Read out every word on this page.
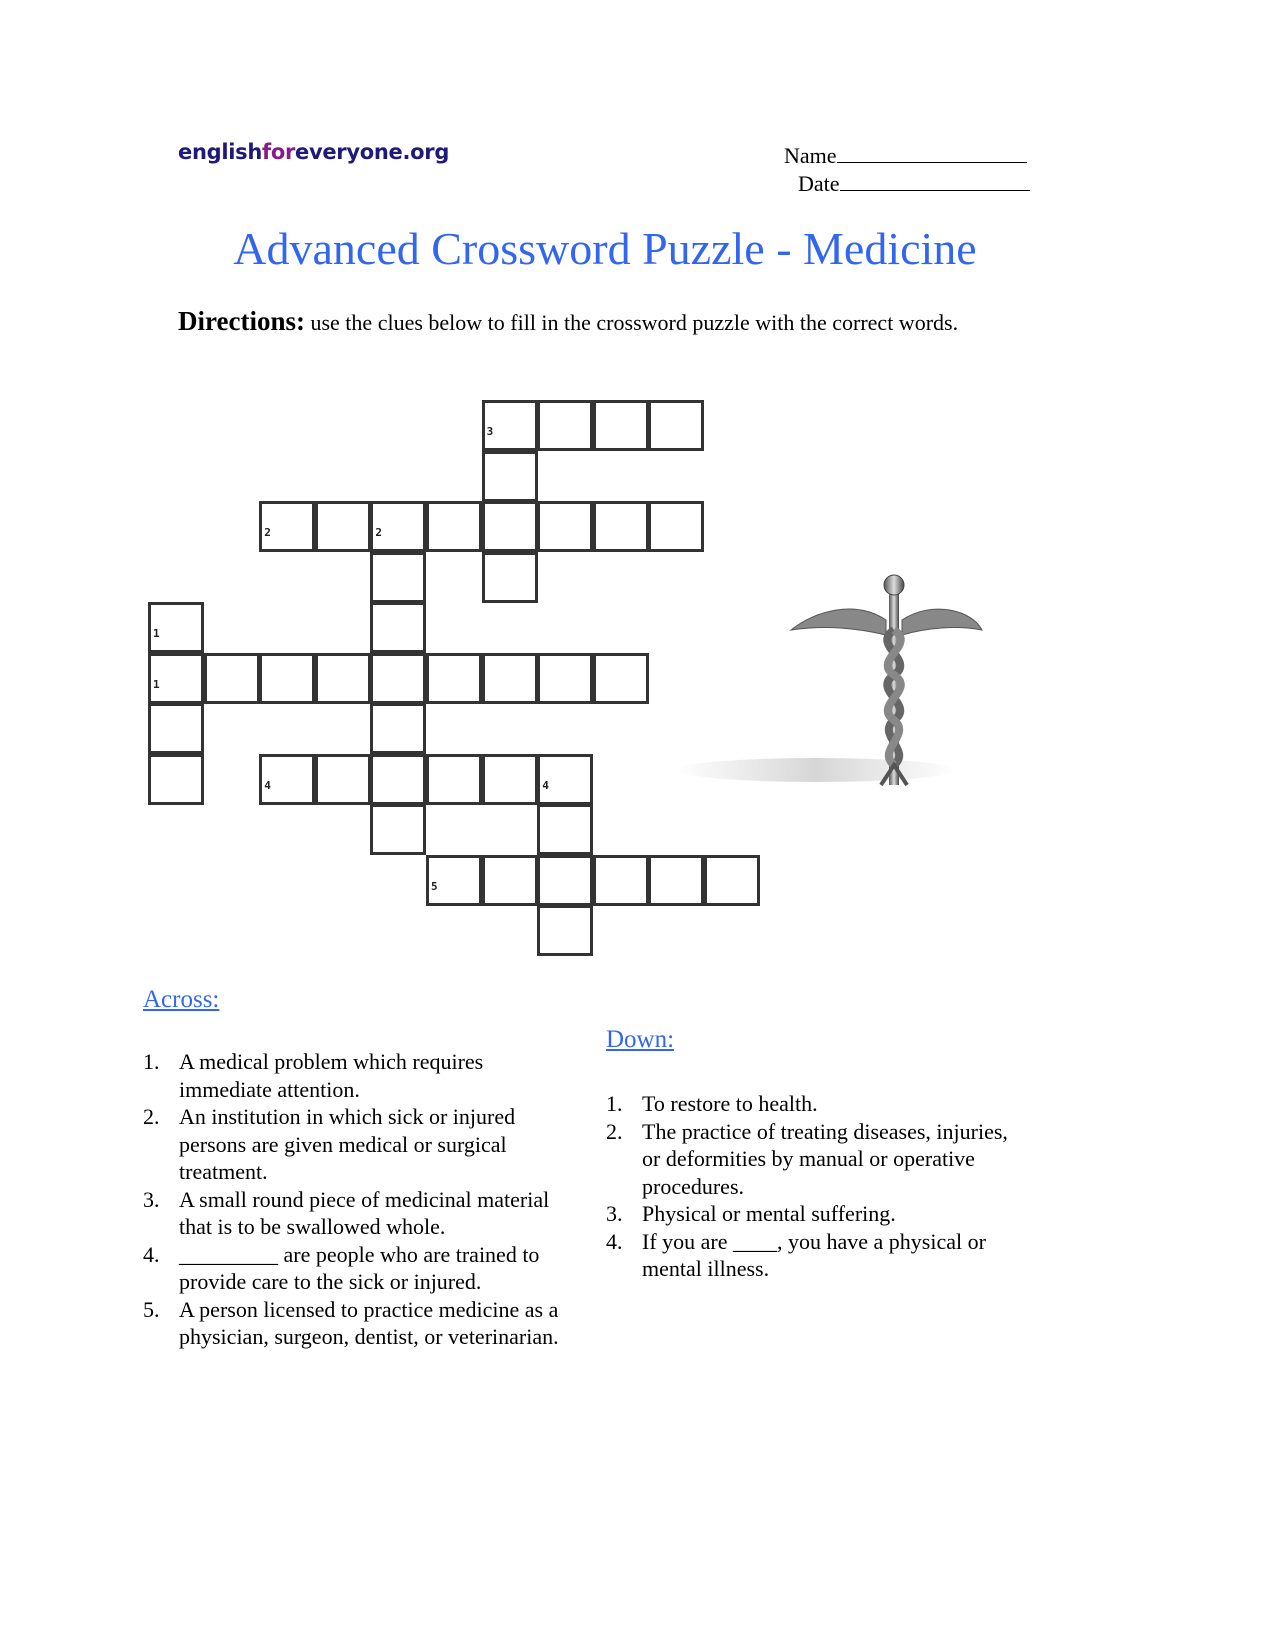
englishforeveryone.org	Name
Date
Advanced Crossword Puzzle - Medicine
Directions: use the clues below to fill in the crossword puzzle with the correct words.
3
2	2
1
1
4	4
5
Across:
1. A medical problem which requires immediate attention.
2. An institution in which sick or injured persons are given medical or surgical treatment.
3. A small round piece of medicinal material that is to be swallowed whole.
4. _________ are people who are trained to provide care to the sick or injured.
5. A person licensed to practice medicine as a physician, surgeon, dentist, or veterinarian.
Down:
1. To restore to health.
2. The practice of treating diseases, injuries, or deformities by manual or operative procedures.
3. Physical or mental suffering.
4. If you are ____, you have a physical or mental illness.
